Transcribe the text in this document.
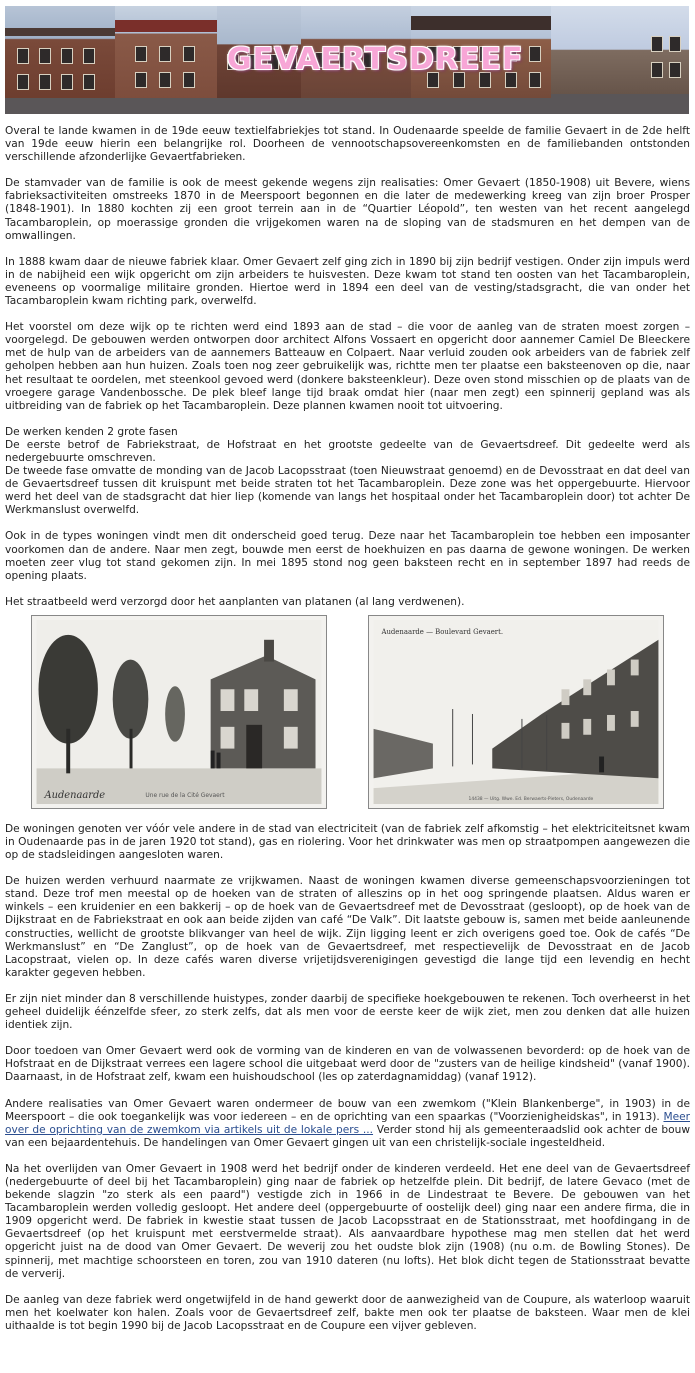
GEVAERTSDREEF

Overal te lande kwamen in de 19de eeuw textielfabriekjes tot stand. In Oudenaarde speelde de familie Gevaert in de 2de helft van 19de eeuw hierin een belangrijke rol. Doorheen de vennootschapsovereenkomsten en de familiebanden ontstonden verschillende afzonderlijke Gevaertfabrieken.

De stamvader van de familie is ook de meest gekende wegens zijn realisaties: Omer Gevaert (1850-1908) uit Bevere, wiens fabrieksactiviteiten omstreeks 1870 in de Meerspoort begonnen en die later de medewerking kreeg van zijn broer Prosper (1848-1901). In 1880 kochten zij een groot terrein aan in de “Quartier Léopold”, ten westen van het recent aangelegd Tacambaroplein, op moerassige gronden die vrijgekomen waren na de sloping van de stadsmuren en het dempen van de omwallingen.

In 1888 kwam daar de nieuwe fabriek klaar. Omer Gevaert zelf ging zich in 1890 bij zijn bedrijf vestigen. Onder zijn impuls werd in de nabijheid een wijk opgericht om zijn arbeiders te huisvesten. Deze kwam tot stand ten oosten van het Tacambaroplein, eveneens op voormalige militaire gronden. Hiertoe werd in 1894 een deel van de vesting/stadsgracht, die van onder het Tacambaroplein kwam richting park, overwelfd.

Het voorstel om deze wijk op te richten werd eind 1893 aan de stad – die voor de aanleg van de straten moest zorgen – voorgelegd. De gebouwen werden ontworpen door architect Alfons Vossaert en opgericht door aannemer Camiel De Bleeckere met de hulp van de arbeiders van de aannemers Batteauw en Colpaert. Naar verluid zouden ook arbeiders van de fabriek zelf geholpen hebben aan hun huizen. Zoals toen nog zeer gebruikelijk was, richtte men ter plaatse een baksteenoven op die, naar het resultaat te oordelen, met steenkool gevoed werd (donkere baksteenkleur). Deze oven stond misschien op de plaats van de vroegere garage Vandenbossche. De plek bleef lange tijd braak omdat hier (naar men zegt) een spinnerij gepland was als uitbreiding van de fabriek op het Tacambaroplein. Deze plannen kwamen nooit tot uitvoering.

De werken kenden 2 grote fasen

De eerste betrof de Fabriekstraat, de Hofstraat en het grootste gedeelte van de Gevaertsdreef. Dit gedeelte werd als nedergebuurte omschreven.

De tweede fase omvatte de monding van de Jacob Lacopsstraat (toen Nieuwstraat genoemd) en de Devosstraat en dat deel van de Gevaertsdreef tussen dit kruispunt met beide straten tot het Tacambaroplein. Deze zone was het oppergebuurte. Hiervoor werd het deel van de stadsgracht dat hier liep (komende van langs het hospitaal onder het Tacambaroplein door) tot achter De Werkmanslust overwelfd.

Ook in de types woningen vindt men dit onderscheid goed terug. Deze naar het Tacambaroplein toe hebben een imposanter voorkomen dan de andere. Naar men zegt, bouwde men eerst de hoekhuizen en pas daarna de gewone woningen. De werken moeten zeer vlug tot stand gekomen zijn. In mei 1895 stond nog geen baksteen recht en in september 1897 had reeds de opening plaats.

Het straatbeeld werd verzorgd door het aanplanten van platanen (al lang verdwenen).

Audenaarde	Une rue de la Cité Gevaert
Audenaarde — Boulevard Gevaert.
14438 — Uitg. Wwe. Ed. Berwaerts-Pieters, Oudenaarde

De woningen genoten ver vóór vele andere in de stad van electriciteit (van de fabriek zelf afkomstig – het elektriciteitsnet kwam in Oudenaarde pas in de jaren 1920 tot stand), gas en riolering. Voor het drinkwater was men op straatpompen aangewezen die op de stadsleidingen aangesloten waren.

De huizen werden verhuurd naarmate ze vrijkwamen. Naast de woningen kwamen diverse gemeenschapsvoorzieningen tot stand. Deze trof men meestal op de hoeken van de straten of alleszins op in het oog springende plaatsen. Aldus waren er winkels – een kruidenier en een bakkerij – op de hoek van de Gevaertsdreef met de Devosstraat (gesloopt), op de hoek van de Dijkstraat en de Fabriekstraat en ook aan beide zijden van café “De Valk”. Dit laatste gebouw is, samen met beide aanleunende constructies, wellicht de grootste blikvanger van heel de wijk. Zijn ligging leent er zich overigens goed toe. Ook de cafés “De Werkmanslust” en “De Zanglust”, op de hoek van de Gevaertsdreef, met respectievelijk de Devosstraat en de Jacob Lacopstraat, vielen op. In deze cafés waren diverse vrijetijdsverenigingen gevestigd die lange tijd een levendig en hecht karakter gegeven hebben.

Er zijn niet minder dan 8 verschillende huistypes, zonder daarbij de specifieke hoekgebouwen te rekenen. Toch overheerst in het geheel duidelijk éénzelfde sfeer, zo sterk zelfs, dat als men voor de eerste keer de wijk ziet, men zou denken dat alle huizen identiek zijn.

Door toedoen van Omer Gevaert werd ook de vorming van de kinderen en van de volwassenen bevorderd: op de hoek van de Hofstraat en de Dijkstraat verrees een lagere school die uitgebaat werd door de "zusters van de heilige kindsheid" (vanaf 1900). Daarnaast, in de Hofstraat zelf, kwam een huishoudschool (les op zaterdagnamiddag) (vanaf 1912).

Andere realisaties van Omer Gevaert waren ondermeer de bouw van een zwemkom ("Klein Blankenberge", in 1903) in de Meerspoort – die ook toegankelijk was voor iedereen – en de oprichting van een spaarkas ("Voorzienigheidskas", in 1913). Meer over de oprichting van de zwemkom via artikels uit de lokale pers ... Verder stond hij als gemeenteraadslid ook achter de bouw van een bejaardentehuis. De handelingen van Omer Gevaert gingen uit van een christelijk-sociale ingesteldheid.

Na het overlijden van Omer Gevaert in 1908 werd het bedrijf onder de kinderen verdeeld. Het ene deel van de Gevaertsdreef (nedergebuurte of deel bij het Tacambaroplein) ging naar de fabriek op hetzelfde plein. Dit bedrijf, de latere Gevaco (met de bekende slagzin "zo sterk als een paard") vestigde zich in 1966 in de Lindestraat te Bevere. De gebouwen van het Tacambaroplein werden volledig gesloopt. Het andere deel (oppergebuurte of oostelijk deel) ging naar een andere firma, die in 1909 opgericht werd. De fabriek in kwestie staat tussen de Jacob Lacopsstraat en de Stationsstraat, met hoofdingang in de Gevaertsdreef (op het kruispunt met eerstvermelde straat). Als aanvaardbare hypothese mag men stellen dat het werd opgericht juist na de dood van Omer Gevaert. De weverij zou het oudste blok zijn (1908) (nu o.m. de Bowling Stones). De spinnerij, met machtige schoorsteen en toren, zou van 1910 dateren (nu lofts). Het blok dicht tegen de Stationsstraat bevatte de ververij.

De aanleg van deze fabriek werd ongetwijfeld in de hand gewerkt door de aanwezigheid van de Coupure, als waterloop waaruit men het koelwater kon halen. Zoals voor de Gevaertsdreef zelf, bakte men ook ter plaatse de baksteen. Waar men de klei uithaalde is tot begin 1990 bij de Jacob Lacopsstraat en de Coupure een vijver gebleven.
